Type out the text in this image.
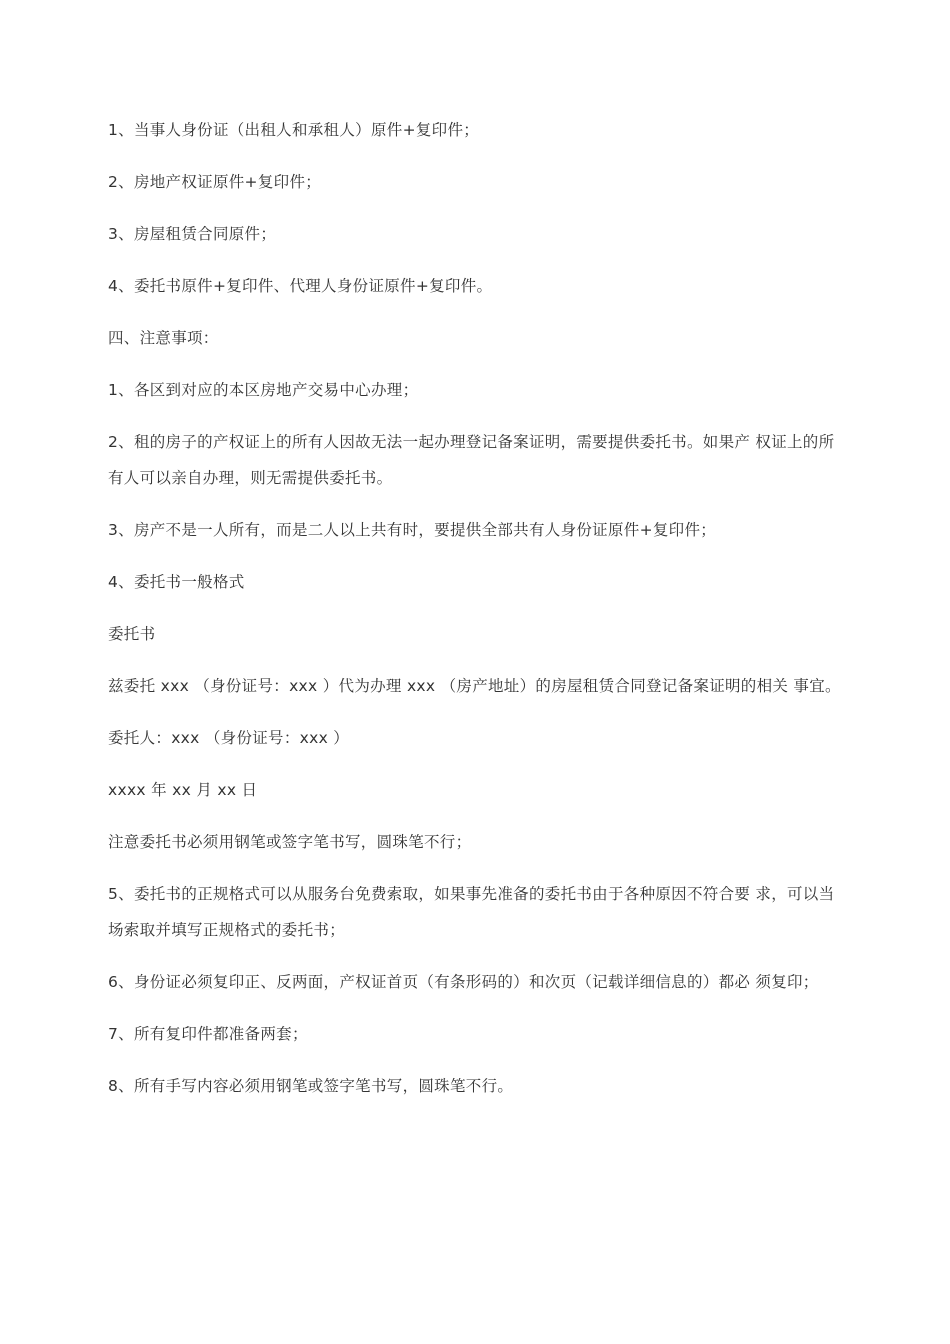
1、当事人身份证（出租人和承租人）原件+复印件；

2、房地产权证原件+复印件；

3、房屋租赁合同原件；

4、委托书原件+复印件、代理人身份证原件+复印件。

四、注意事项：

1、各区到对应的本区房地产交易中心办理；

2、租的房子的产权证上的所有人因故无法一起办理登记备案证明，需要提供委托书。如果产 权证上的所有人可以亲自办理，则无需提供委托书。

3、房产不是一人所有，而是二人以上共有时，要提供全部共有人身份证原件+复印件；

4、委托书一般格式

委托书

兹委托 xxx （身份证号：xxx ）代为办理 xxx （房产地址）的房屋租赁合同登记备案证明的相关 事宜。

委托人：xxx （身份证号：xxx ）

xxxx 年 xx 月 xx 日

注意委托书必须用钢笔或签字笔书写，圆珠笔不行；

5、委托书的正规格式可以从服务台免费索取，如果事先准备的委托书由于各种原因不符合要 求，可以当场索取并填写正规格式的委托书；

6、身份证必须复印正、反两面，产权证首页（有条形码的）和次页（记载详细信息的）都必 须复印；

7、所有复印件都准备两套；

8、所有手写内容必须用钢笔或签字笔书写，圆珠笔不行。
